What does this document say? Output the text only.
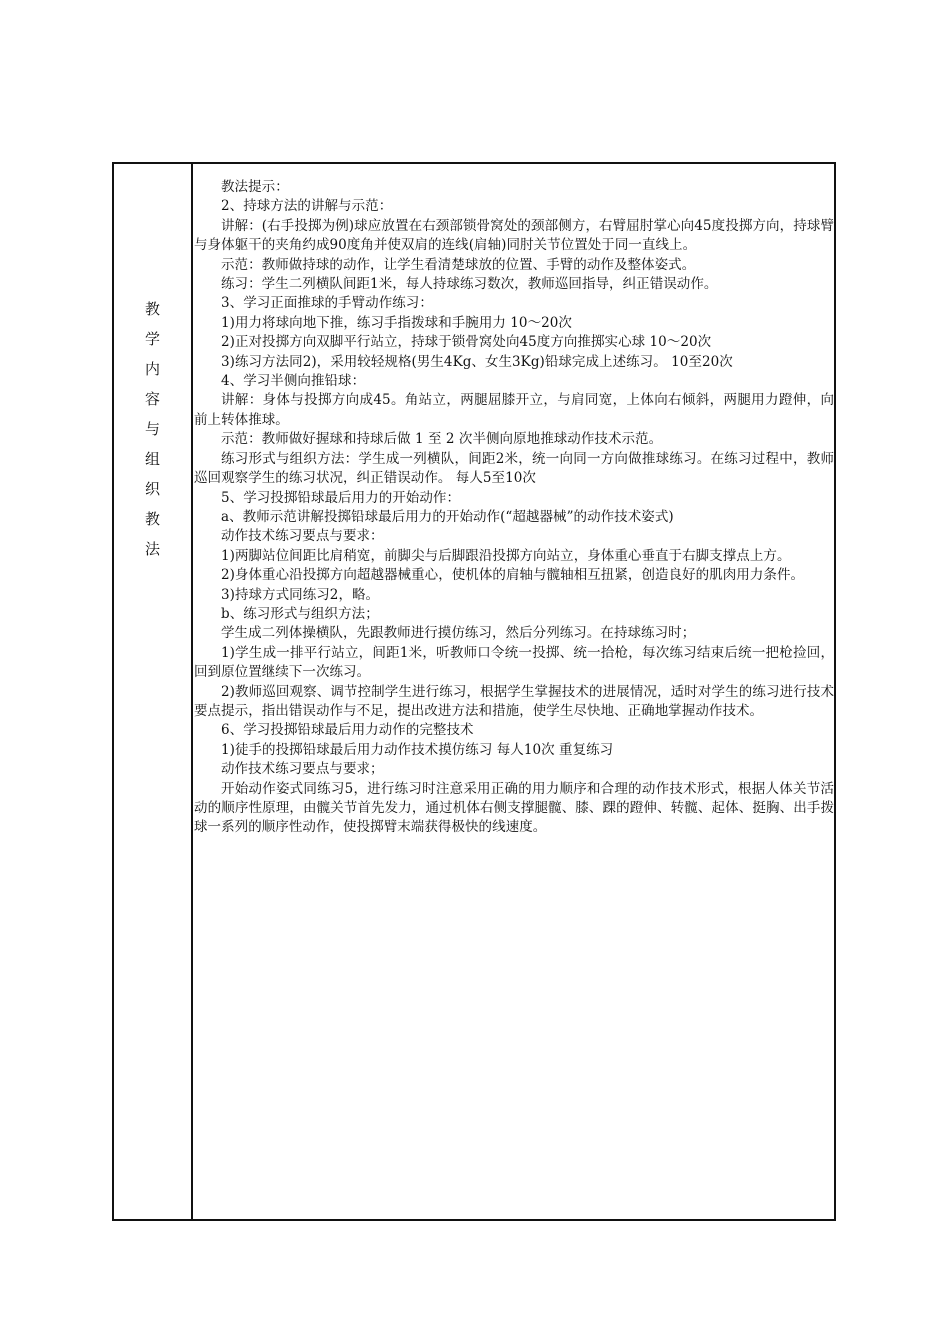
教
学
内
容
与
组
织
教
法

教法提示：

2、持球方法的讲解与示范：

讲解：(右手投掷为例)球应放置在右颈部锁骨窝处的颈部侧方，右臂屈肘掌心向45度投掷方向，持球臂与身体躯干的夹角约成90度角并使双肩的连线(肩轴)同肘关节位置处于同一直线上。

示范：教师做持球的动作，让学生看清楚球放的位置、手臂的动作及整体姿式。

练习：学生二列横队间距1米，每人持球练习数次，教师巡回指导，纠正错误动作。

3、学习正面推球的手臂动作练习：

1)用力将球向地下推，练习手指拨球和手腕用力 10～20次

2)正对投掷方向双脚平行站立，持球于锁骨窝处向45度方向推掷实心球 10～20次

3)练习方法同2)，采用较轻规格(男生4Kg、女生3Kg)铅球完成上述练习。 10至20次

4、学习半侧向推铅球：

讲解：身体与投掷方向成45。角站立，两腿屈膝开立，与肩同宽，上体向右倾斜，两腿用力蹬伸，向前上转体推球。

示范：教师做好握球和持球后做 1 至 2 次半侧向原地推球动作技术示范。

练习形式与组织方法：学生成一列横队，间距2米，统一向同一方向做推球练习。在练习过程中，教师巡回观察学生的练习状况，纠正错误动作。 每人5至10次

5、学习投掷铅球最后用力的开始动作：

a、教师示范讲解投掷铅球最后用力的开始动作(“超越器械”的动作技术姿式)

动作技术练习要点与要求：

1)两脚站位间距比肩稍宽，前脚尖与后脚跟沿投掷方向站立，身体重心垂直于右脚支撑点上方。

2)身体重心沿投掷方向超越器械重心，使机体的肩轴与髋轴相互扭紧，创造良好的肌肉用力条件。

3)持球方式同练习2，略。

b、练习形式与组织方法；

学生成二列体操横队，先跟教师进行摸仿练习，然后分列练习。在持球练习时；

1)学生成一排平行站立，间距1米，听教师口令统一投掷、统一拾枪，每次练习结束后统一把枪捡回，回到原位置继续下一次练习。

2)教师巡回观察、调节控制学生进行练习，根据学生掌握技术的进展情况，适时对学生的练习进行技术要点提示，指出错误动作与不足，提出改进方法和措施，使学生尽快地、正确地掌握动作技术。

6、学习投掷铅球最后用力动作的完整技术

1)徒手的投掷铅球最后用力动作技术摸仿练习 每人10次 重复练习

动作技术练习要点与要求；

开始动作姿式同练习5，进行练习时注意采用正确的用力顺序和合理的动作技术形式，根据人体关节活动的顺序性原理，由髋关节首先发力，通过机体右侧支撑腿髋、膝、踝的蹬伸、转髋、起体、挺胸、出手拨球一系列的顺序性动作，使投掷臂末端获得极快的线速度。
